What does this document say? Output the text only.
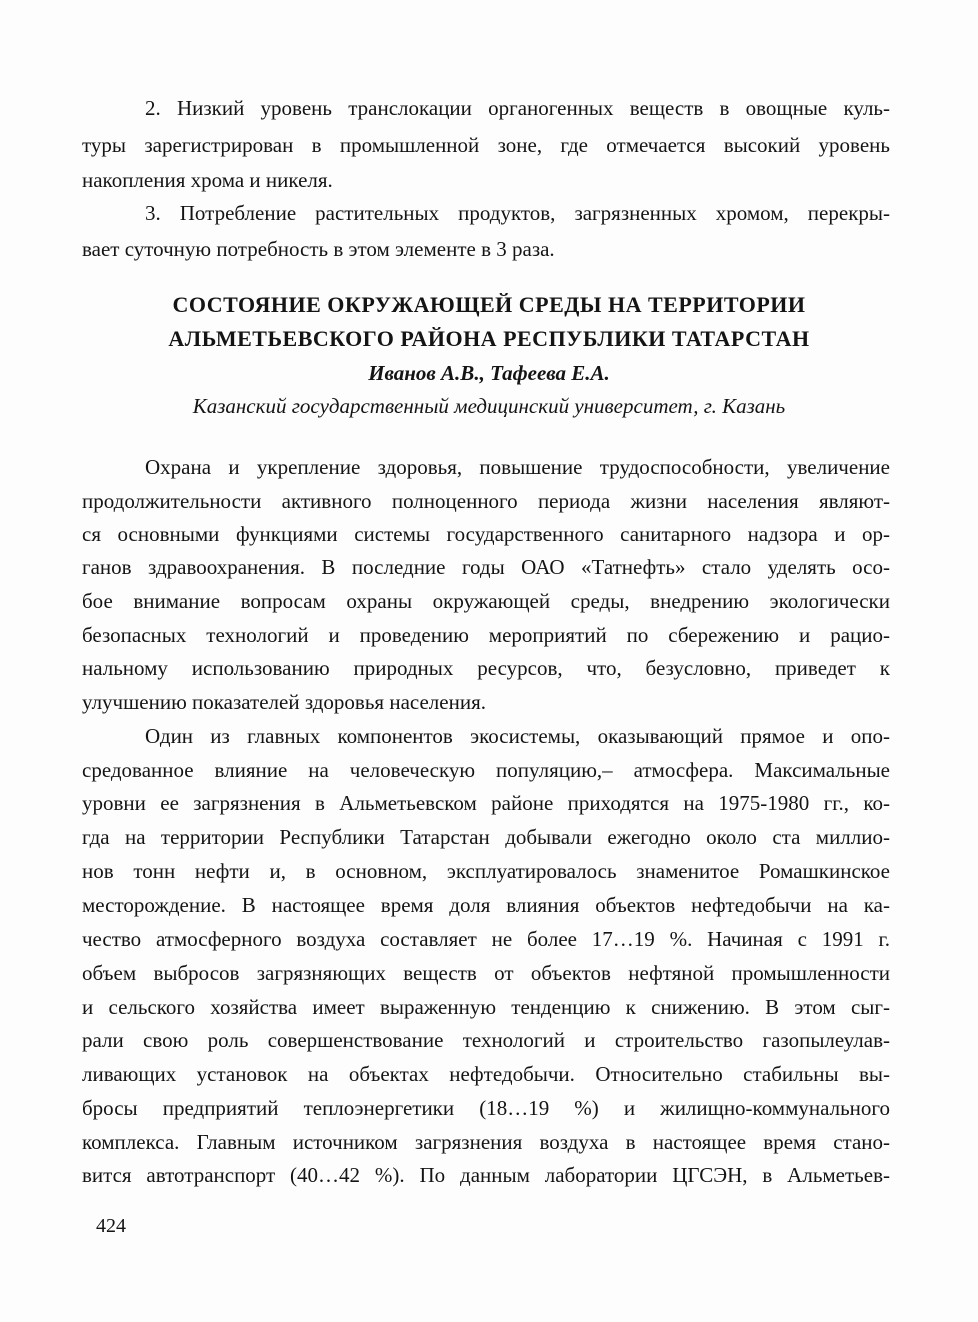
2. Низкий уровень транслокации органогенных веществ в овощные куль-
туры зарегистрирован в промышленной зоне, где отмечается высокий уровень
накопления хрома и никеля.
3. Потребление растительных продуктов, загрязненных хромом, перекры-
вает суточную потребность в этом элементе в 3 раза.
СОСТОЯНИЕ ОКРУЖАЮЩЕЙ СРЕДЫ НА ТЕРРИТОРИИ
АЛЬМЕТЬЕВСКОГО РАЙОНА РЕСПУБЛИКИ ТАТАРСТАН
Иванов А.В., Тафеева Е.А.
Казанский государственный медицинский университет, г. Казань
Охрана и укрепление здоровья, повышение трудоспособности, увеличение
продолжительности активного полноценного периода жизни населения являют-
ся основными функциями системы государственного санитарного надзора и ор-
ганов здравоохранения. В последние годы ОАО «Татнефть» стало уделять осо-
бое внимание вопросам охраны окружающей среды, внедрению экологически
безопасных технологий и проведению мероприятий по сбережению и рацио-
нальному использованию природных ресурсов, что, безусловно, приведет к
улучшению показателей здоровья населения.
Один из главных компонентов экосистемы, оказывающий прямое и опо-
средованное влияние на человеческую популяцию,– атмосфера. Максимальные
уровни ее загрязнения в Альметьевском районе приходятся на 1975-1980 гг., ко-
гда на территории Республики Татарстан добывали ежегодно около ста миллио-
нов тонн нефти и, в основном, эксплуатировалось знаменитое Ромашкинское
месторождение. В настоящее время доля влияния объектов нефтедобычи на ка-
чество атмосферного воздуха составляет не более 17…19 %. Начиная с 1991 г.
объем выбросов загрязняющих веществ от объектов нефтяной промышленности
и сельского хозяйства имеет выраженную тенденцию к снижению. В этом сыг-
рали свою роль совершенствование технологий и строительство газопылеулав-
ливающих установок на объектах нефтедобычи. Относительно стабильны вы-
бросы предприятий теплоэнергетики (18…19 %) и жилищно-коммунального
комплекса. Главным источником загрязнения воздуха в настоящее время стано-
вится автотранспорт (40…42 %). По данным лаборатории ЦГСЭН, в Альметьев-
424
